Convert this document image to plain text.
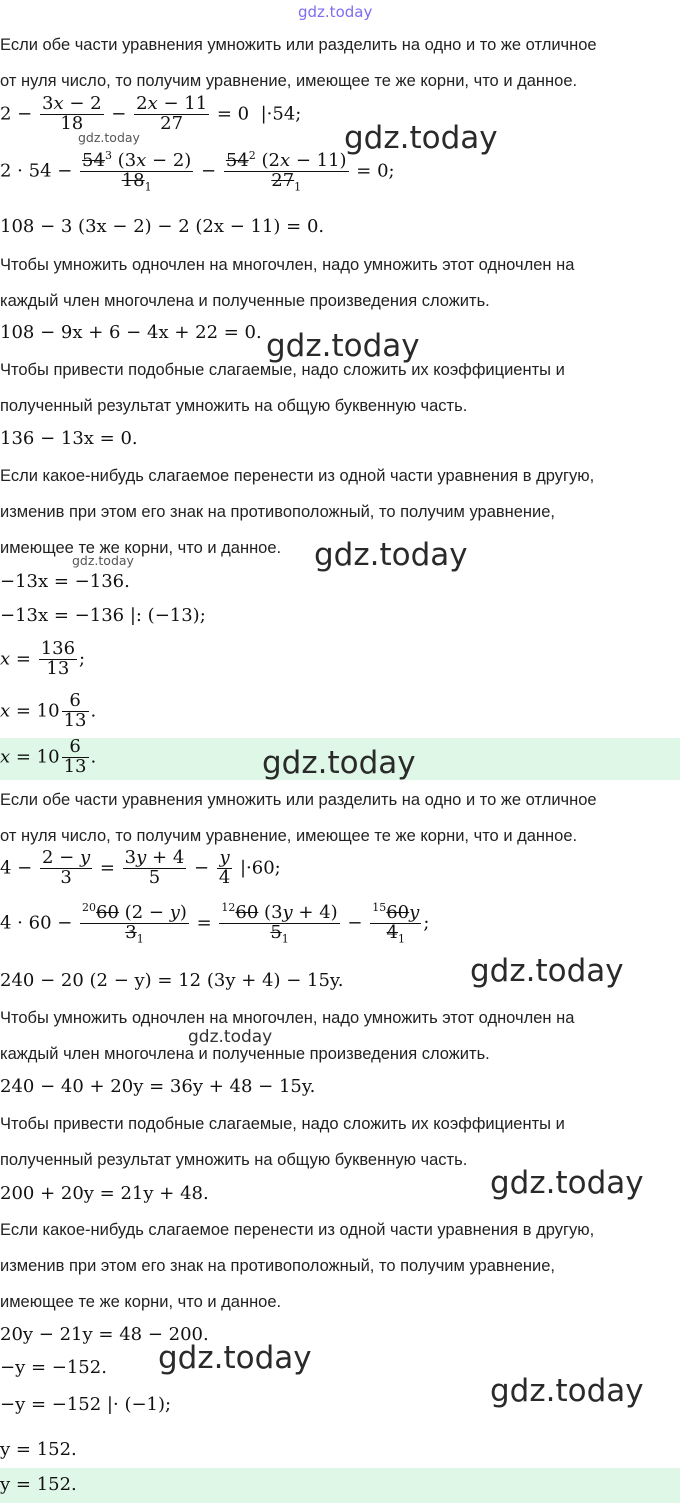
gdz.today
Если обе части уравнения умножить или разделить на одно и то же отличное
от нуля число, то получим уравнение, имеющее те же корни, что и данное.
$2 - \frac{3x - 2}{18} - \frac{2x - 11}{27} = 0$  |·54;
gdz.today
$2 \cdot 54 - \frac{54^3 (3x - 2)}{18_1} - \frac{54^2 (2x - 11)}{27_1} = 0$;
108 − 3 (3x − 2) − 2 (2x − 11) = 0.
Чтобы умножить одночлен на многочлен, надо умножить этот одночлен на
каждый член многочлена и полученные произведения сложить.
108 − 9x + 6 − 4x + 22 = 0.
Чтобы привести подобные слагаемые, надо сложить их коэффициенты и
полученный результат умножить на общую буквенную часть.
136 − 13x = 0.
Если какое-нибудь слагаемое перенести из одной части уравнения в другую,
изменив при этом его знак на противоположный, то получим уравнение,
имеющее те же корни, что и данное.
gdz.today
−13x = −136.
−13x = −136 |: (−13);
$x = \frac{136}{13}$ ;
$x = 10 \frac{6}{13}$ .
$x = 10 \frac{6}{13}$ .
Если обе части уравнения умножить или разделить на одно и то же отличное
от нуля число, то получим уравнение, имеющее те же корни, что и данное.
$4 - \frac{2 - y}{3} = \frac{3y + 4}{5} - \frac{y}{4} |\cdot 60$;
$4 \cdot 60 - \frac{^{20}60 (2 - y)}{3_1} = \frac{^{12}60 (3y + 4)}{5_1} - \frac{^{15}60y}{4_1}$ ;
240 − 20 (2 − y) = 12 (3y + 4) − 15y.
Чтобы умножить одночлен на многочлен, надо умножить этот одночлен на
gdz.today
каждый член многочлена и полученные произведения сложить.
240 − 40 + 20y = 36y + 48 − 15y.
Чтобы привести подобные слагаемые, надо сложить их коэффициенты и
полученный результат умножить на общую буквенную часть.
200 + 20y = 21y + 48.
Если какое-нибудь слагаемое перенести из одной части уравнения в другую,
изменив при этом его знак на противоположный, то получим уравнение,
имеющее те же корни, что и данное.
20y − 21y = 48 − 200.
−y = −152.
−y = −152 |· (−1);
y = 152.
y = 152.
gdz.today
gdz.today
gdz.today
gdz.today
gdz.today
gdz.today
gdz.today
gdz.today
